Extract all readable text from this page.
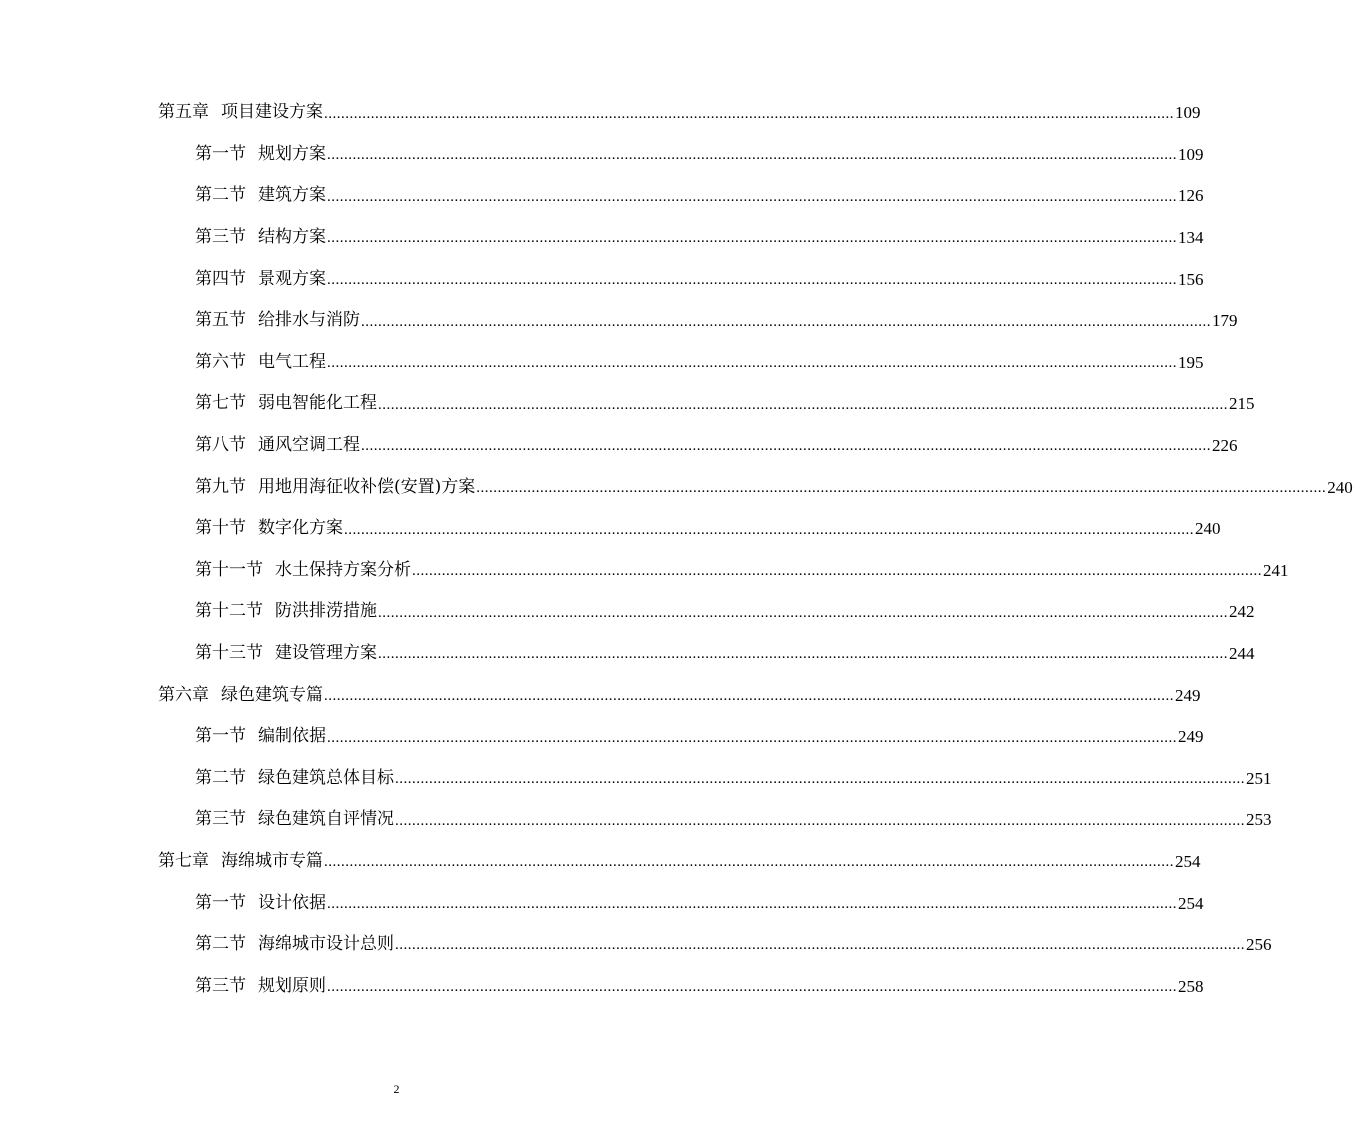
第五章 项目建设方案 ........................................................................................................................................................................................................ 109
第一节 规划方案 ........................................................................................................................................................................................................ 109
第二节 建筑方案 ........................................................................................................................................................................................................ 126
第三节 结构方案 ........................................................................................................................................................................................................ 134
第四节 景观方案 ........................................................................................................................................................................................................ 156
第五节 给排水与消防 ........................................................................................................................................................................................................ 179
第六节 电气工程 ........................................................................................................................................................................................................ 195
第七节 弱电智能化工程 ........................................................................................................................................................................................................ 215
第八节 通风空调工程 ........................................................................................................................................................................................................ 226
第九节 用地用海征收补偿(安置)方案 ........................................................................................................................................................................................................ 240
第十节 数字化方案 ........................................................................................................................................................................................................ 240
第十一节 水土保持方案分析 ........................................................................................................................................................................................................ 241
第十二节 防洪排涝措施 ........................................................................................................................................................................................................ 242
第十三节 建设管理方案 ........................................................................................................................................................................................................ 244
第六章 绿色建筑专篇 ........................................................................................................................................................................................................ 249
第一节 编制依据 ........................................................................................................................................................................................................ 249
第二节 绿色建筑总体目标 ........................................................................................................................................................................................................ 251
第三节 绿色建筑自评情况 ........................................................................................................................................................................................................ 253
第七章 海绵城市专篇 ........................................................................................................................................................................................................ 254
第一节 设计依据 ........................................................................................................................................................................................................ 254
第二节 海绵城市设计总则 ........................................................................................................................................................................................................ 256
第三节 规划原则 ........................................................................................................................................................................................................ 258
2
